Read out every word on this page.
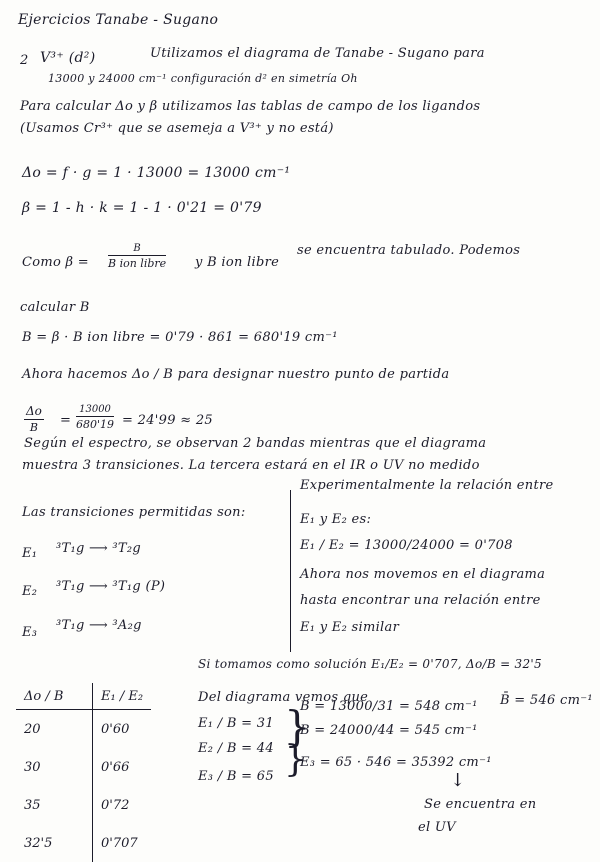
Ejercicios Tanabe - Sugano
2 V³⁺ (d²)	Utilizamos el diagrama de Tanabe - Sugano para
13000 y 24000 cm⁻¹ configuración d² en simetría Oh
Para calcular Δo y β utilizamos las tablas de campo de los ligandos
(Usamos Cr³⁺ que se asemeja a V³⁺ y no está)
Δo = f · g = 1 · 13000 = 13000 cm⁻¹
β = 1 - h · k = 1 - 1 · 0'21 = 0'79
Como β =
B
B ion libre y B ion libre
se encuentra tabulado. Podemos
calcular B
B = β · B ion libre = 0'79 · 861 = 680'19 cm⁻¹
Ahora hacemos Δo / B para designar nuestro punto de partida
$\frac{\Delta o}{B} = \frac{13000}{680'19} = 24'99 \approx 25$
Según el espectro, se observan 2 bandas mientras que el diagrama
muestra 3 transiciones. La tercera estará en el IR o UV no medido
Las transiciones permitidas son:
E₁ ³T₁g ⟶ ³T₂g
E₂ ³T₁g ⟶ ³T₁g (P)
E₃ ³T₁g ⟶ ³A₂g
Experimentalmente la relación entre
E₁ y E₂ es:
E₁ / E₂ = 13000/24000 = 0'708
Ahora nos movemos en el diagrama
hasta encontrar una relación entre
E₁ y E₂ similar
Si tomamos como solución E₁/E₂ = 0'707, Δo/B = 32'5
Del diagrama vemos que
E₁ / B = 31
E₂ / B = 44
E₃ / B = 65
}
}
B = 13000/31 = 548 cm⁻¹
B = 24000/44 = 545 cm⁻¹
E₃ = 65 · 546 = 35392 cm⁻¹
B̄ = 546 cm⁻¹
↓
Se encuentra en
el UV
Δo / B	E₁ / E₂
20	0'60
30	0'66
35	0'72
32'5	0'707
